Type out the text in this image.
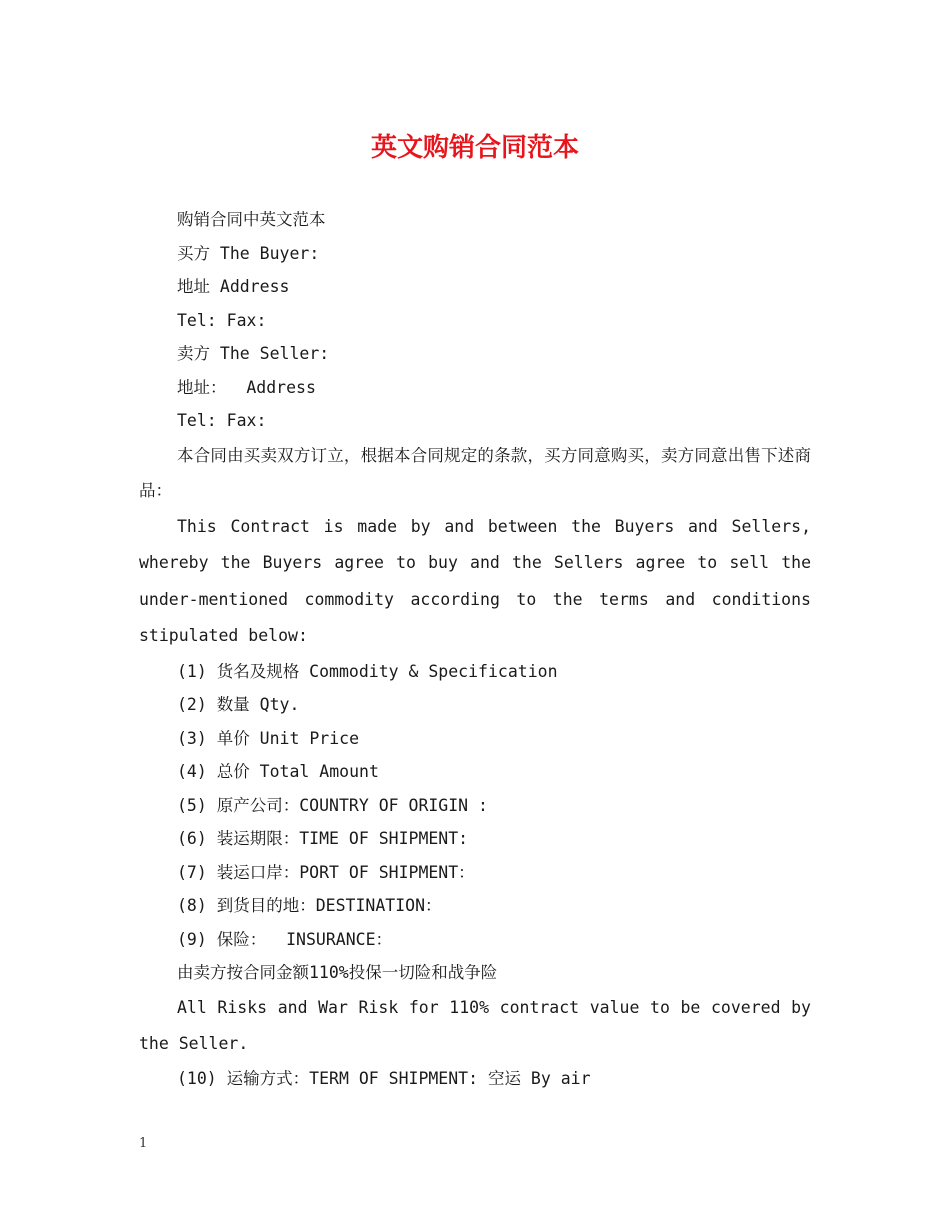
英文购销合同范本
购销合同中英文范本
买方 The Buyer:
地址 Address
Tel: Fax:
卖方 The Seller:
地址：  Address
Tel: Fax:

本合同由买卖双方订立，根据本合同规定的条款，买方同意购买，卖方同意出售下述商品：

This Contract is made by and between the Buyers and Sellers, whereby the Buyers agree to buy and the Sellers agree to sell the under-mentioned commodity according to the terms and conditions stipulated below:

(1) 货名及规格 Commodity & Specification
(2) 数量 Qty.
(3) 单价 Unit Price
(4) 总价 Total Amount
(5) 原产公司：COUNTRY OF ORIGIN :
(6) 装运期限：TIME OF SHIPMENT:
(7) 装运口岸：PORT OF SHIPMENT：
(8) 到货目的地：DESTINATION：
(9) 保险：  INSURANCE：
由卖方按合同金额110%投保一切险和战争险

All Risks and War Risk for 110% contract value to be covered by the Seller.

(10) 运输方式：TERM OF SHIPMENT: 空运 By air
1
